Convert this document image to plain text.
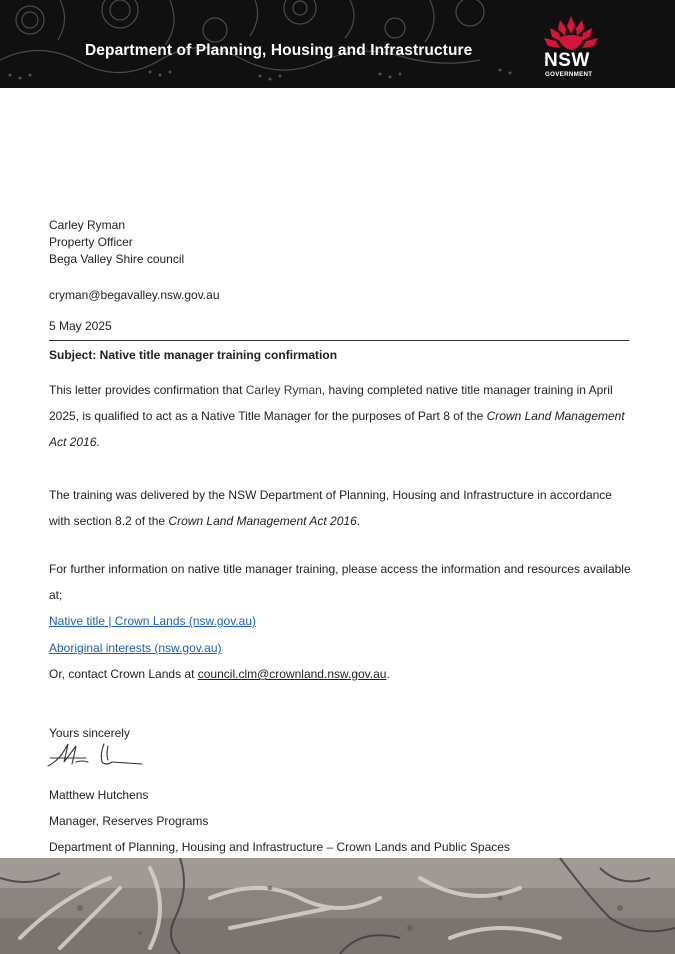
Department of Planning, Housing and Infrastructure	NSW
GOVERNMENT
Carley Ryman
Property Officer
Bega Valley Shire council
cryman@begavalley.nsw.gov.au
5 May 2025
Subject: Native title manager training confirmation
This letter provides confirmation that Carley Ryman, having completed native title manager training in April 2025, is qualified to act as a Native Title Manager for the purposes of Part 8 of the Crown Land Management Act 2016.
The training was delivered by the NSW Department of Planning, Housing and Infrastructure in accordance with section 8.2 of the Crown Land Management Act 2016.
For further information on native title manager training, please access the information and resources available at;
Native title | Crown Lands (nsw.gov.au)
Aboriginal interests (nsw.gov.au)
Or, contact Crown Lands at council.clm@crownland.nsw.gov.au.
Yours sincerely
Matthew Hutchens
Manager, Reserves Programs
Department of Planning, Housing and Infrastructure – Crown Lands and Public Spaces
